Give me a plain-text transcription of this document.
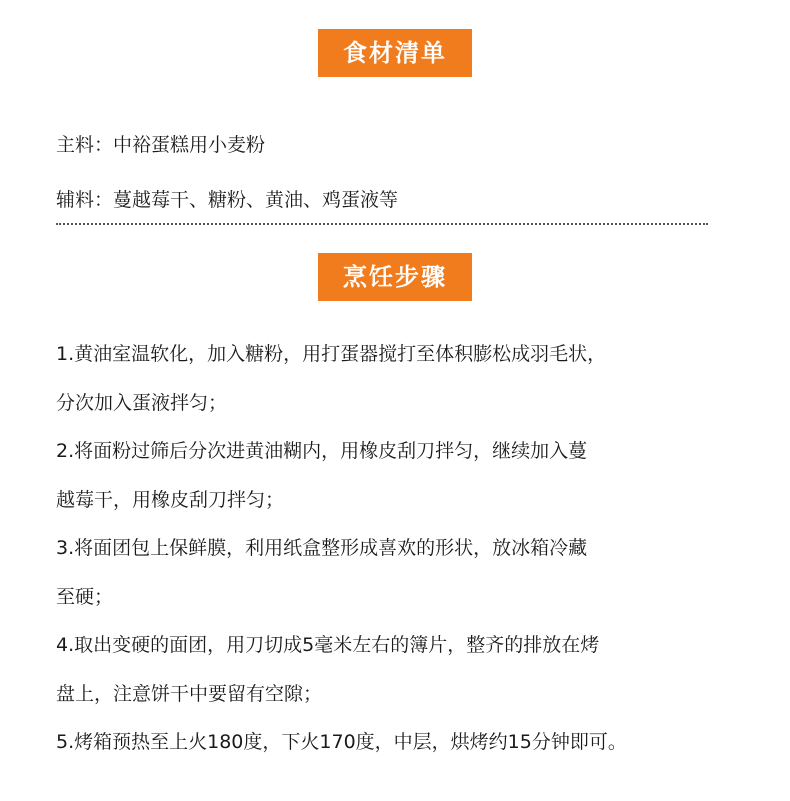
食材清单
主料：中裕蛋糕用小麦粉
辅料：蔓越莓干、糖粉、黄油、鸡蛋液等
烹饪步骤
1.黄油室温软化，加入糖粉，用打蛋器搅打至体积膨松成羽毛状，
分次加入蛋液拌匀；
2.将面粉过筛后分次进黄油糊内，用橡皮刮刀拌匀，继续加入蔓
越莓干，用橡皮刮刀拌匀；
3.将面团包上保鲜膜，利用纸盒整形成喜欢的形状，放冰箱冷藏
至硬；
4.取出变硬的面团，用刀切成5毫米左右的簿片，整齐的排放在烤
盘上，注意饼干中要留有空隙；
5.烤箱预热至上火180度，下火170度，中层，烘烤约15分钟即可。
